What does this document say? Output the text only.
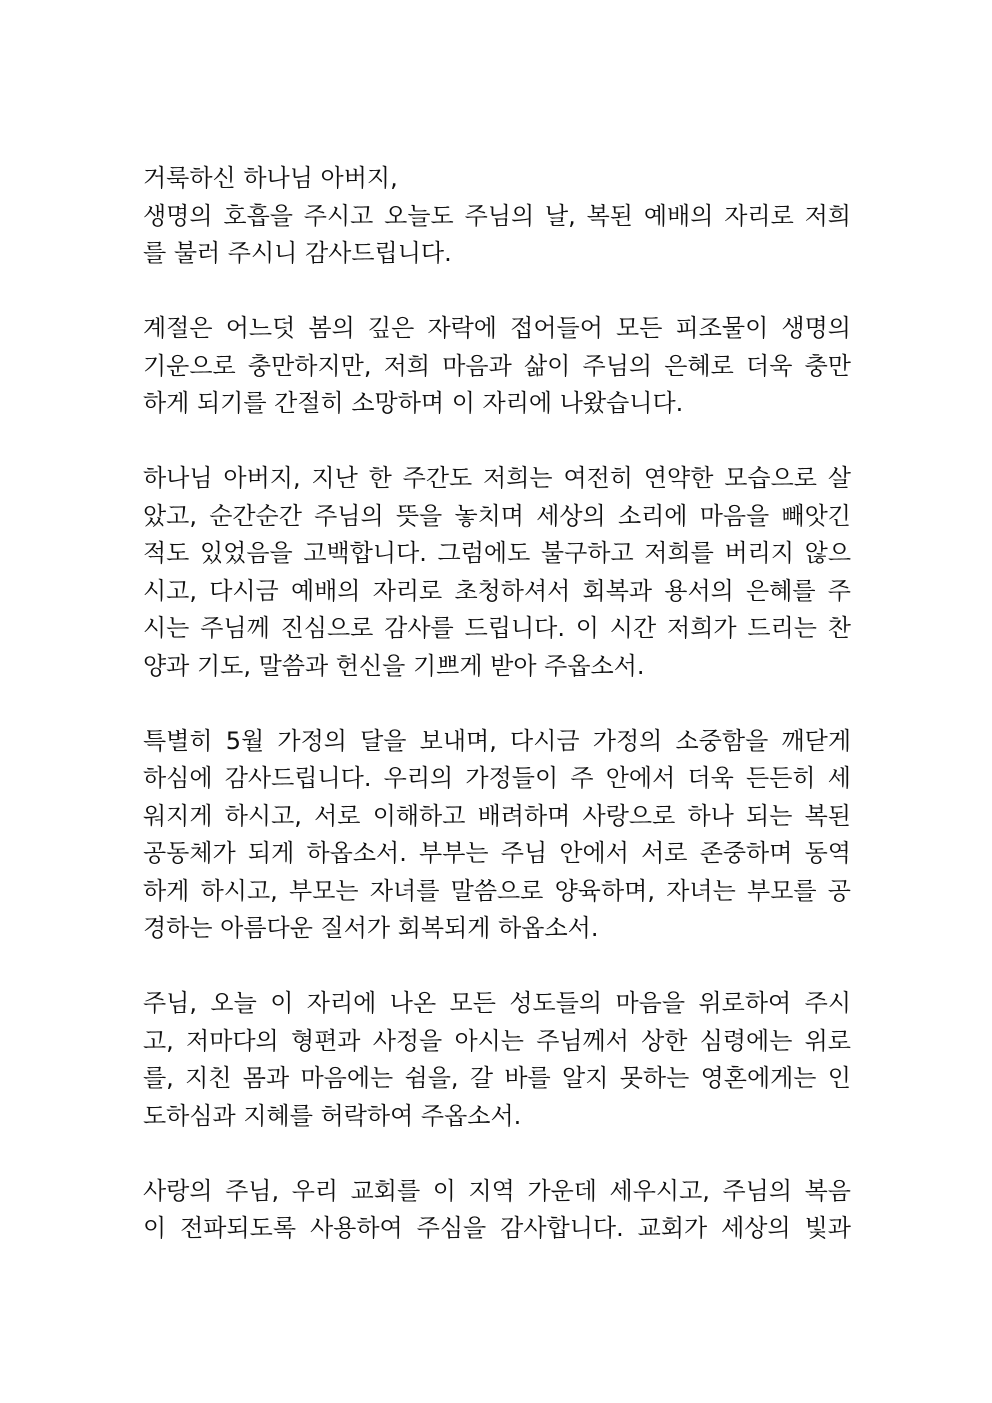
거룩하신 하나님 아버지,
생명의 호흡을 주시고 오늘도 주님의 날, 복된 예배의 자리로 저희
를 불러 주시니 감사드립니다.
계절은 어느덧 봄의 깊은 자락에 접어들어 모든 피조물이 생명의
기운으로 충만하지만, 저희 마음과 삶이 주님의 은혜로 더욱 충만
하게 되기를 간절히 소망하며 이 자리에 나왔습니다.
하나님 아버지, 지난 한 주간도 저희는 여전히 연약한 모습으로 살
았고, 순간순간 주님의 뜻을 놓치며 세상의 소리에 마음을 빼앗긴
적도 있었음을 고백합니다. 그럼에도 불구하고 저희를 버리지 않으
시고, 다시금 예배의 자리로 초청하셔서 회복과 용서의 은혜를 주
시는 주님께 진심으로 감사를 드립니다. 이 시간 저희가 드리는 찬
양과 기도, 말씀과 헌신을 기쁘게 받아 주옵소서.
특별히 5월 가정의 달을 보내며, 다시금 가정의 소중함을 깨닫게
하심에 감사드립니다. 우리의 가정들이 주 안에서 더욱 든든히 세
워지게 하시고, 서로 이해하고 배려하며 사랑으로 하나 되는 복된
공동체가 되게 하옵소서. 부부는 주님 안에서 서로 존중하며 동역
하게 하시고, 부모는 자녀를 말씀으로 양육하며, 자녀는 부모를 공
경하는 아름다운 질서가 회복되게 하옵소서.
주님, 오늘 이 자리에 나온 모든 성도들의 마음을 위로하여 주시
고, 저마다의 형편과 사정을 아시는 주님께서 상한 심령에는 위로
를, 지친 몸과 마음에는 쉼을, 갈 바를 알지 못하는 영혼에게는 인
도하심과 지혜를 허락하여 주옵소서.
사랑의 주님, 우리 교회를 이 지역 가운데 세우시고, 주님의 복음
이 전파되도록 사용하여 주심을 감사합니다. 교회가 세상의 빛과
